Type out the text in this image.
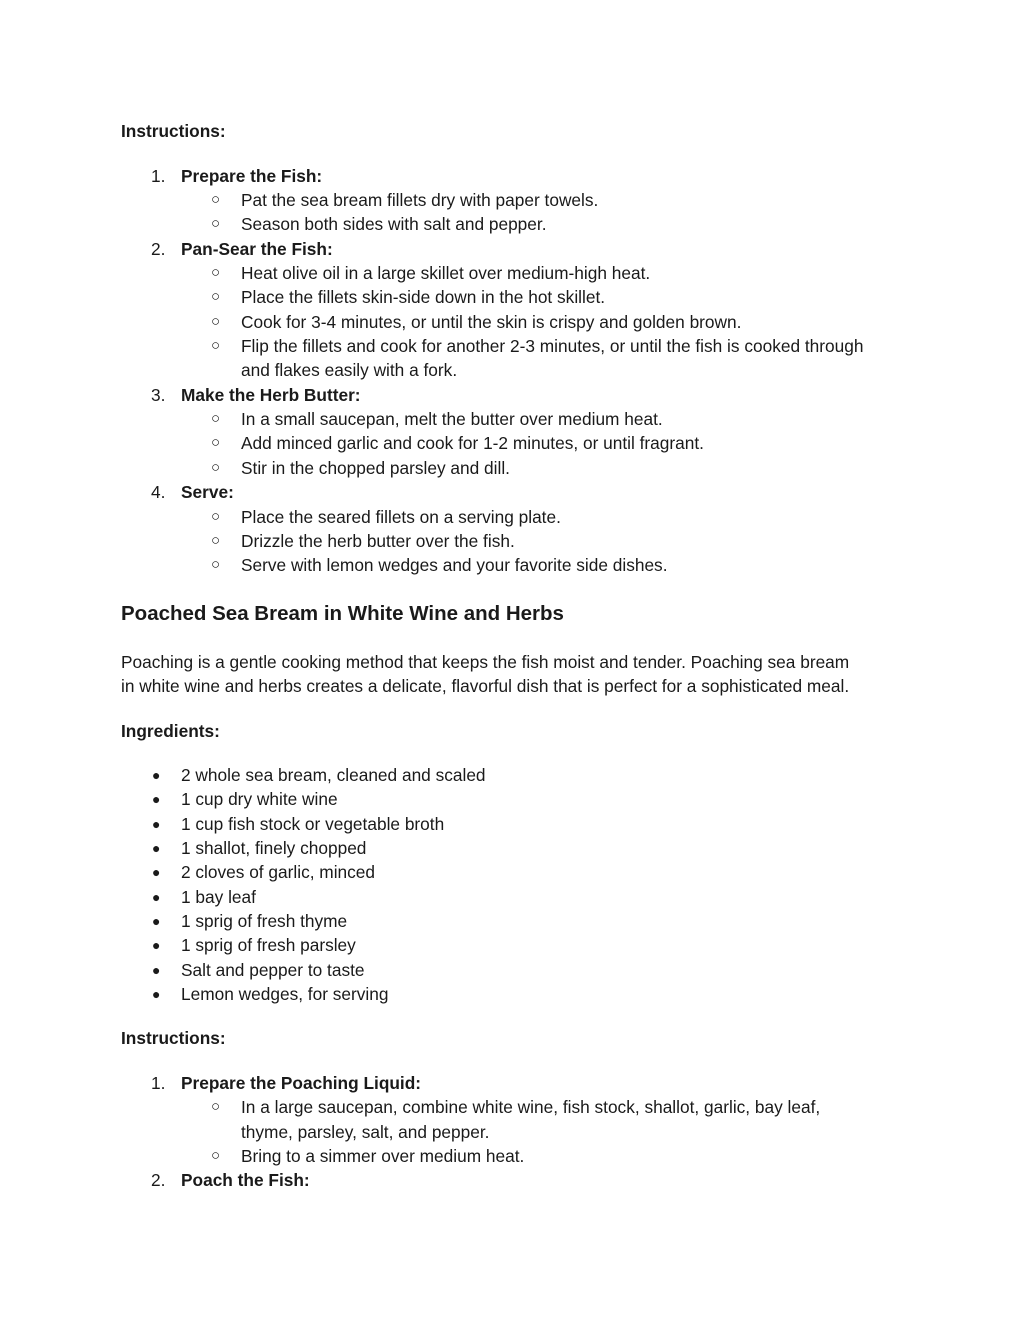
Instructions:
1. Prepare the Fish:
○ Pat the sea bream fillets dry with paper towels.
○ Season both sides with salt and pepper.
2. Pan-Sear the Fish:
○ Heat olive oil in a large skillet over medium-high heat.
○ Place the fillets skin-side down in the hot skillet.
○ Cook for 3-4 minutes, or until the skin is crispy and golden brown.
○ Flip the fillets and cook for another 2-3 minutes, or until the fish is cooked through
and flakes easily with a fork.
3. Make the Herb Butter:
○ In a small saucepan, melt the butter over medium heat.
○ Add minced garlic and cook for 1-2 minutes, or until fragrant.
○ Stir in the chopped parsley and dill.
4. Serve:
○ Place the seared fillets on a serving plate.
○ Drizzle the herb butter over the fish.
○ Serve with lemon wedges and your favorite side dishes.
Poached Sea Bream in White Wine and Herbs
Poaching is a gentle cooking method that keeps the fish moist and tender. Poaching sea bream
in white wine and herbs creates a delicate, flavorful dish that is perfect for a sophisticated meal.
Ingredients:
● 2 whole sea bream, cleaned and scaled
● 1 cup dry white wine
● 1 cup fish stock or vegetable broth
● 1 shallot, finely chopped
● 2 cloves of garlic, minced
● 1 bay leaf
● 1 sprig of fresh thyme
● 1 sprig of fresh parsley
● Salt and pepper to taste
● Lemon wedges, for serving
Instructions:
1. Prepare the Poaching Liquid:
○ In a large saucepan, combine white wine, fish stock, shallot, garlic, bay leaf,
thyme, parsley, salt, and pepper.
○ Bring to a simmer over medium heat.
2. Poach the Fish:
